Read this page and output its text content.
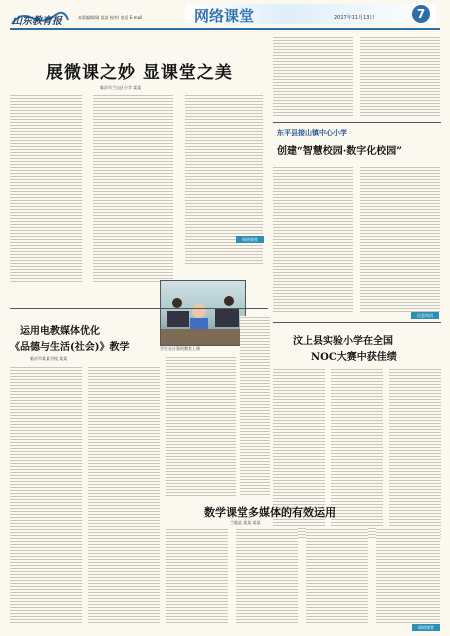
山东教育报	本版编辑/顾 某某 校对/ 电话 E-mail	网络课堂	2017年11月13日	7
展微课之妙 显课堂之美
临沂市兰山区小学 某某
东平县接山镇中心小学
创建“智慧校园·数字化校园”
信息快讯
学生在计算机教室上课
网络课堂
汶上县实验小学在全国
NOC大赛中获佳绩
运用电教媒体优化
《品德与生活(社会)》教学
临沂市某某学校 某某
数学课堂多媒体的有效运用
兰陵县 某某 某某
网络课堂
